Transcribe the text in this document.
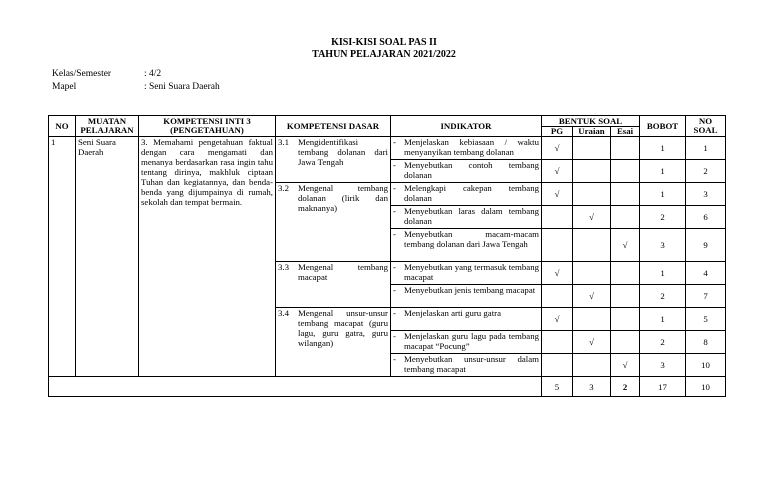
KISI-KISI SOAL PAS II
TAHUN PELAJARAN 2021/2022
Kelas/Semester	: 4/2
Mapel	: Seni Suara Daerah
NO	MUATAN PELAJARAN	KOMPETENSI INTI 3 (PENGETAHUAN)	KOMPETENSI DASAR	INDIKATOR	BENTUK SOAL			BOBOT	NO SOAL
					PG	Uraian	Esai		
1	Seni Suara Daerah	3. Memahami pengetahuan faktual dengan cara mengamati dan menanya berdasarkan rasa ingin tahu tentang dirinya, makhluk ciptaan Tuhan dan kegiatannya, dan benda-benda yang dijumpainya di rumah, sekolah dan tempat bermain.	3.1 Mengidentifikasi tembang dolanan dari Jawa Tengah	- Menjelaskan kebiasaan / waktu menyanyikan tembang dolanan	√			1	1

				- Menyebutkan contoh tembang dolanan	√			1	2

			3.2 Mengenal tembang dolanan (lirik dan maknanya)	- Melengkapi cakepan tembang dolanan	√			1	3

				- Menyebutkan laras dalam tembang dolanan		√		2	6

				- Menyebutkan macam-macam tembang dolanan dari Jawa Tengah			√	3	9

			3.3 Mengenal tembang macapat	- Menyebutkan yang termasuk tembang macapat	√			1	4

				- Menyebutkan jenis tembang macapat		√		2	7

			3.4 Mengenal unsur-unsur tembang macapat (guru lagu, guru gatra, guru wilangan)	- Menjelaskan arti guru gatra	√			1	5

				- Menjelaskan guru lagu pada tembang macapat “Pocung”		√		2	8

				- Menyebutkan unsur-unsur dalam tembang macapat			√	3	10
					5	3	2	17	10
